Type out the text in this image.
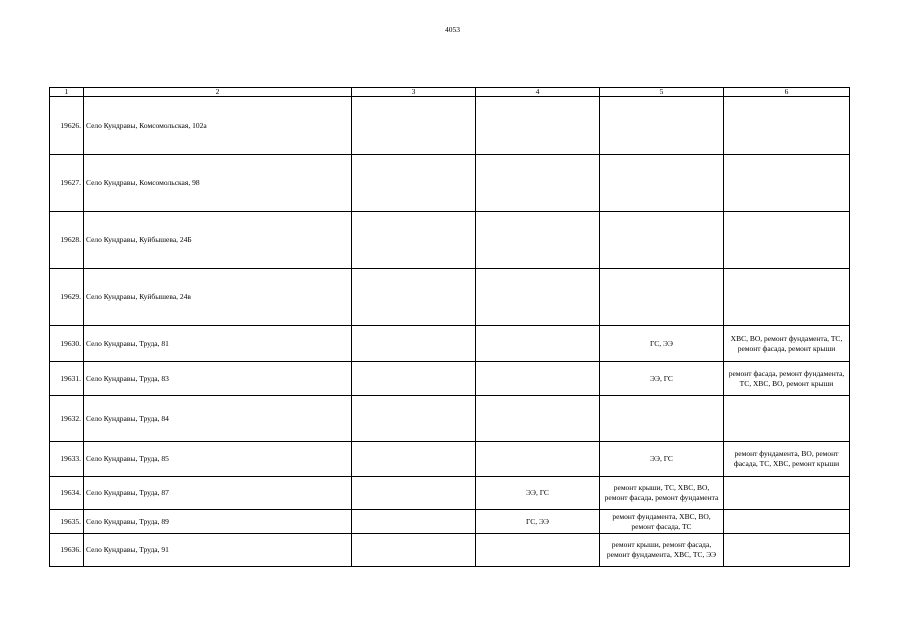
4053
1	2	3	4	5	6
19626.	Село Кундравы, Комсомольская, 102а				
19627.	Село Кундравы, Комсомольская, 98				
19628.	Село Кундравы, Куйбышева, 24Б				
19629.	Село Кундравы, Куйбышева, 24в				
19630.	Село Кундравы, Труда, 81			ГС, ЭЭ	ХВС, ВО, ремонт фундамента, ТС, ремонт фасада, ремонт крыши
19631.	Село Кундравы, Труда, 83			ЭЭ, ГС	ремонт фасада, ремонт фундамента, ТС, ХВС, ВО, ремонт крыши
19632.	Село Кундравы, Труда, 84				
19633.	Село Кундравы, Труда, 85			ЭЭ, ГС	ремонт фундамента, ВО, ремонт фасада, ТС, ХВС, ремонт крыши
19634.	Село Кундравы, Труда, 87		ЭЭ, ГС	ремонт крыши, ТС, ХВС, ВО, ремонт фасада, ремонт фундамента	
19635.	Село Кундравы, Труда, 89		ГС, ЭЭ	ремонт фундамента, ХВС, ВО, ремонт фасада, ТС	
19636.	Село Кундравы, Труда, 91			ремонт крыши, ремонт фасада, ремонт фундамента, ХВС, ТС, ЭЭ	
